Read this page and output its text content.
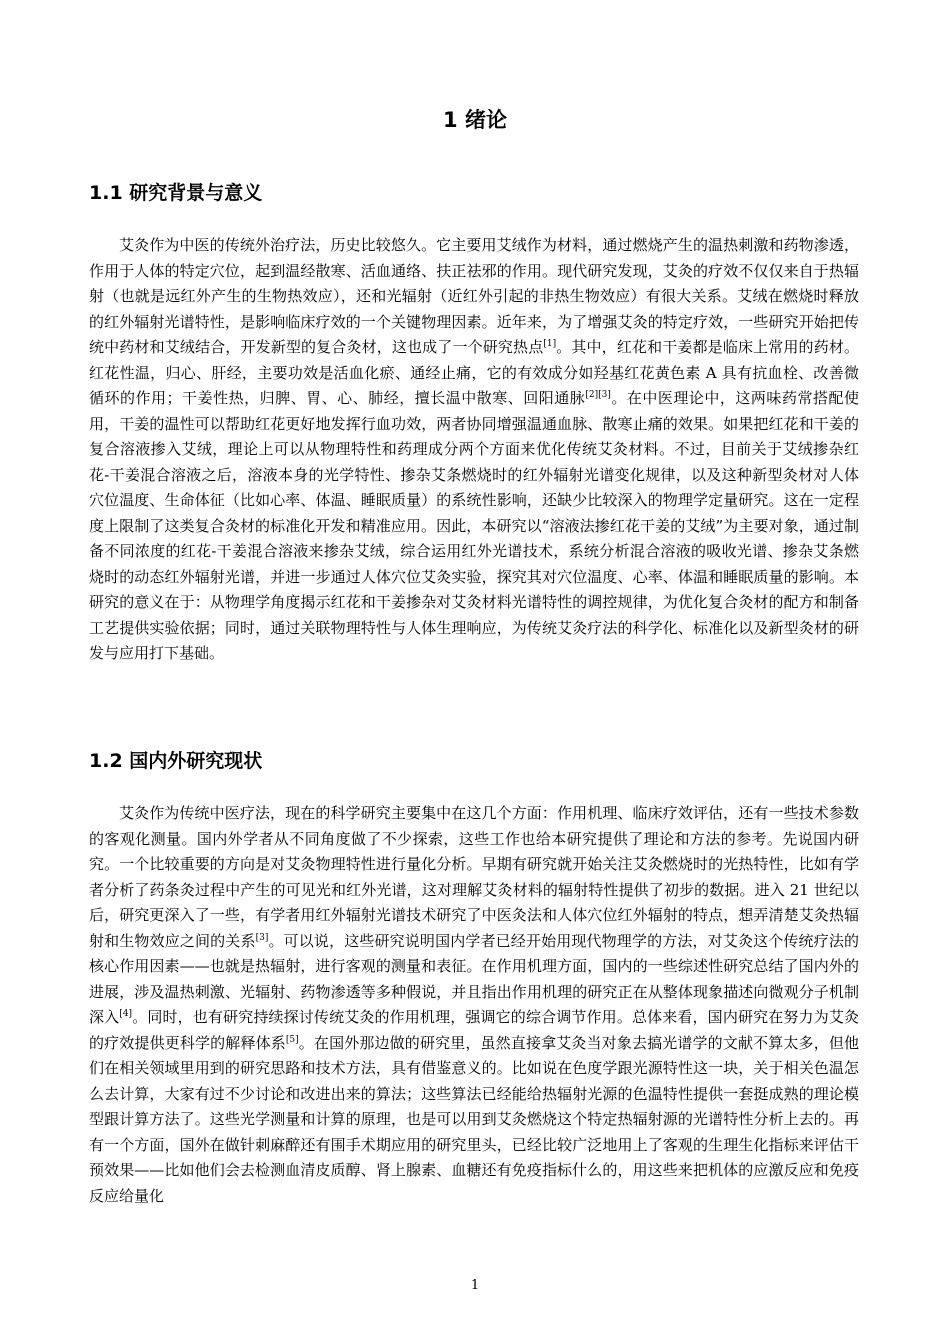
1 绪论
1.1 研究背景与意义

艾灸作为中医的传统外治疗法，历史比较悠久。它主要用艾绒作为材料，通过燃烧产生的温热刺激和药物渗透，作用于人体的特定穴位，起到温经散寒、活血通络、扶正祛邪的作用。现代研究发现，艾灸的疗效不仅仅来自于热辐射（也就是远红外产生的生物热效应），还和光辐射（近红外引起的非热生物效应）有很大关系。艾绒在燃烧时释放的红外辐射光谱特性，是影响临床疗效的一个关键物理因素。近年来，为了增强艾灸的特定疗效，一些研究开始把传统中药材和艾绒结合，开发新型的复合灸材，这也成了一个研究热点[1]。其中，红花和干姜都是临床上常用的药材。红花性温，归心、肝经，主要功效是活血化瘀、通经止痛，它的有效成分如羟基红花黄色素 A 具有抗血栓、改善微循环的作用；干姜性热，归脾、胃、心、肺经，擅长温中散寒、回阳通脉[2][3]。在中医理论中，这两味药常搭配使用，干姜的温性可以帮助红花更好地发挥行血功效，两者协同增强温通血脉、散寒止痛的效果。如果把红花和干姜的复合溶液掺入艾绒，理论上可以从物理特性和药理成分两个方面来优化传统艾灸材料。不过，目前关于艾绒掺杂红花-干姜混合溶液之后，溶液本身的光学特性、掺杂艾条燃烧时的红外辐射光谱变化规律，以及这种新型灸材对人体穴位温度、生命体征（比如心率、体温、睡眠质量）的系统性影响，还缺少比较深入的物理学定量研究。这在一定程度上限制了这类复合灸材的标准化开发和精准应用。因此，本研究以“溶液法掺红花干姜的艾绒”为主要对象，通过制备不同浓度的红花-干姜混合溶液来掺杂艾绒，综合运用红外光谱技术，系统分析混合溶液的吸收光谱、掺杂艾条燃烧时的动态红外辐射光谱，并进一步通过人体穴位艾灸实验，探究其对穴位温度、心率、体温和睡眠质量的影响。本研究的意义在于：从物理学角度揭示红花和干姜掺杂对艾灸材料光谱特性的调控规律，为优化复合灸材的配方和制备工艺提供实验依据；同时，通过关联物理特性与人体生理响应，为传统艾灸疗法的科学化、标准化以及新型灸材的研发与应用打下基础。

1.2 国内外研究现状

艾灸作为传统中医疗法，现在的科学研究主要集中在这几个方面：作用机理、临床疗效评估，还有一些技术参数的客观化测量。国内外学者从不同角度做了不少探索，这些工作也给本研究提供了理论和方法的参考。先说国内研究。一个比较重要的方向是对艾灸物理特性进行量化分析。早期有研究就开始关注艾灸燃烧时的光热特性，比如有学者分析了药条灸过程中产生的可见光和红外光谱，这对理解艾灸材料的辐射特性提供了初步的数据。进入 21 世纪以后，研究更深入了一些，有学者用红外辐射光谱技术研究了中医灸法和人体穴位红外辐射的特点，想弄清楚艾灸热辐射和生物效应之间的关系[3]。可以说，这些研究说明国内学者已经开始用现代物理学的方法，对艾灸这个传统疗法的核心作用因素——也就是热辐射，进行客观的测量和表征。在作用机理方面，国内的一些综述性研究总结了国内外的进展，涉及温热刺激、光辐射、药物渗透等多种假说，并且指出作用机理的研究正在从整体现象描述向微观分子机制深入[4]。同时，也有研究持续探讨传统艾灸的作用机理，强调它的综合调节作用。总体来看，国内研究在努力为艾灸的疗效提供更科学的解释体系[5]。在国外那边做的研究里，虽然直接拿艾灸当对象去搞光谱学的文献不算太多，但他们在相关领域里用到的研究思路和技术方法，具有借鉴意义的。比如说在色度学跟光源特性这一块，关于相关色温怎么去计算，大家有过不少讨论和改进出来的算法；这些算法已经能给热辐射光源的色温特性提供一套挺成熟的理论模型跟计算方法了。这些光学测量和计算的原理，也是可以用到艾灸燃烧这个特定热辐射源的光谱特性分析上去的。再有一个方面，国外在做针刺麻醉还有围手术期应用的研究里头，已经比较广泛地用上了客观的生理生化指标来评估干预效果——比如他们会去检测血清皮质醇、肾上腺素、血糖还有免疫指标什么的，用这些来把机体的应激反应和免疫反应给量化

1
